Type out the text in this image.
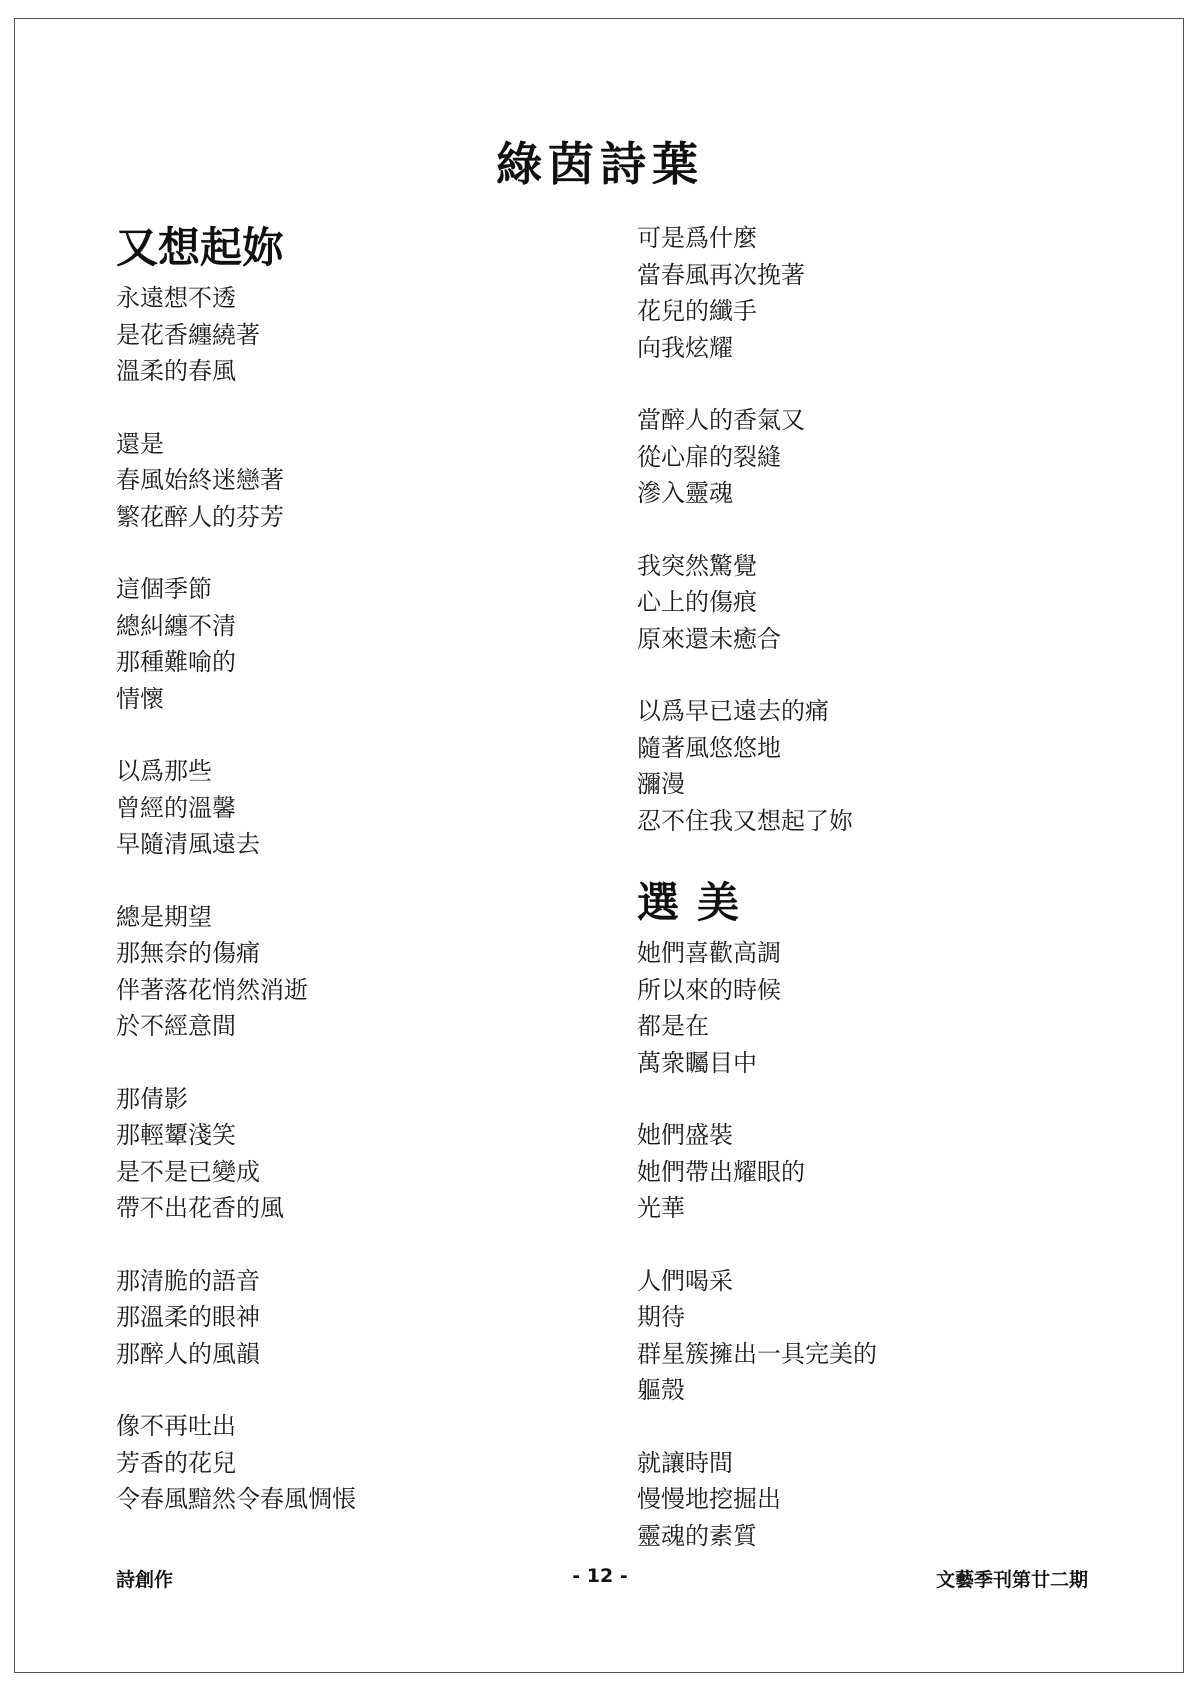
綠茵詩葉
又想起妳
永遠想不透
是花香纏繞著
溫柔的春風
還是
春風始終迷戀著
繁花醉人的芬芳
這個季節
總糾纏不清
那種難喻的
情懷
以爲那些
曾經的溫馨
早隨清風遠去
總是期望
那無奈的傷痛
伴著落花悄然消逝
於不經意間
那倩影
那輕顰淺笑
是不是已變成
帶不出花香的風
那清脆的語音
那溫柔的眼神
那醉人的風韻
像不再吐出
芳香的花兒
令春風黯然令春風惆悵
可是爲什麼
當春風再次挽著
花兒的纖手
向我炫耀
當醉人的香氣又
從心扉的裂縫
滲入靈魂
我突然驚覺
心上的傷痕
原來還未癒合
以爲早已遠去的痛
隨著風悠悠地
瀰漫
忍不住我又想起了妳
選美
她們喜歡高調
所以來的時候
都是在
萬衆矚目中
她們盛裝
她們帶出耀眼的
光華
人們喝采
期待
群星簇擁出一具完美的
軀殼
就讓時間
慢慢地挖掘出
靈魂的素質
詩創作	- 12 -	文藝季刊第廿二期
